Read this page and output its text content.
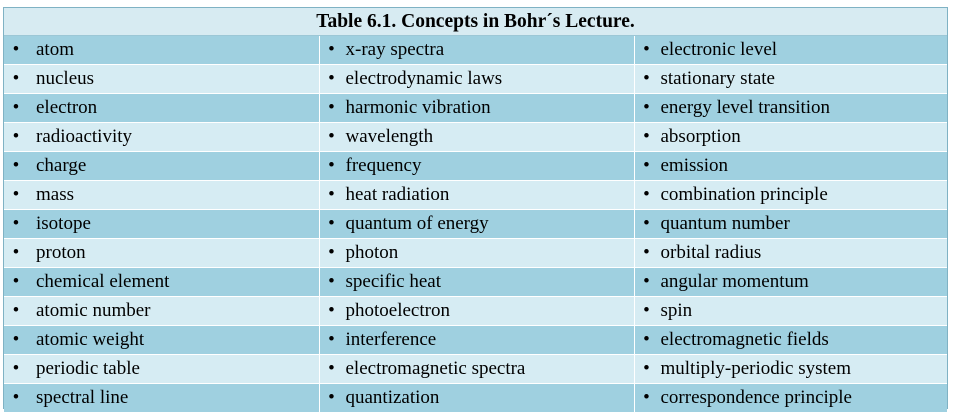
Table 6.1. Concepts in Bohr´s Lecture.		
• atom	• x-ray spectra	• electronic level
• nucleus	• electrodynamic laws	• stationary state
• electron	• harmonic vibration	• energy level transition
• radioactivity	• wavelength	• absorption
• charge	• frequency	• emission
• mass	• heat radiation	• combination principle
• isotope	• quantum of energy	• quantum number
• proton	• photon	• orbital radius
• chemical element	• specific heat	• angular momentum
• atomic number	• photoelectron	• spin
• atomic weight	• interference	• electromagnetic fields
• periodic table	• electromagnetic spectra	• multiply-periodic system
• spectral line	• quantization	• correspondence principle
